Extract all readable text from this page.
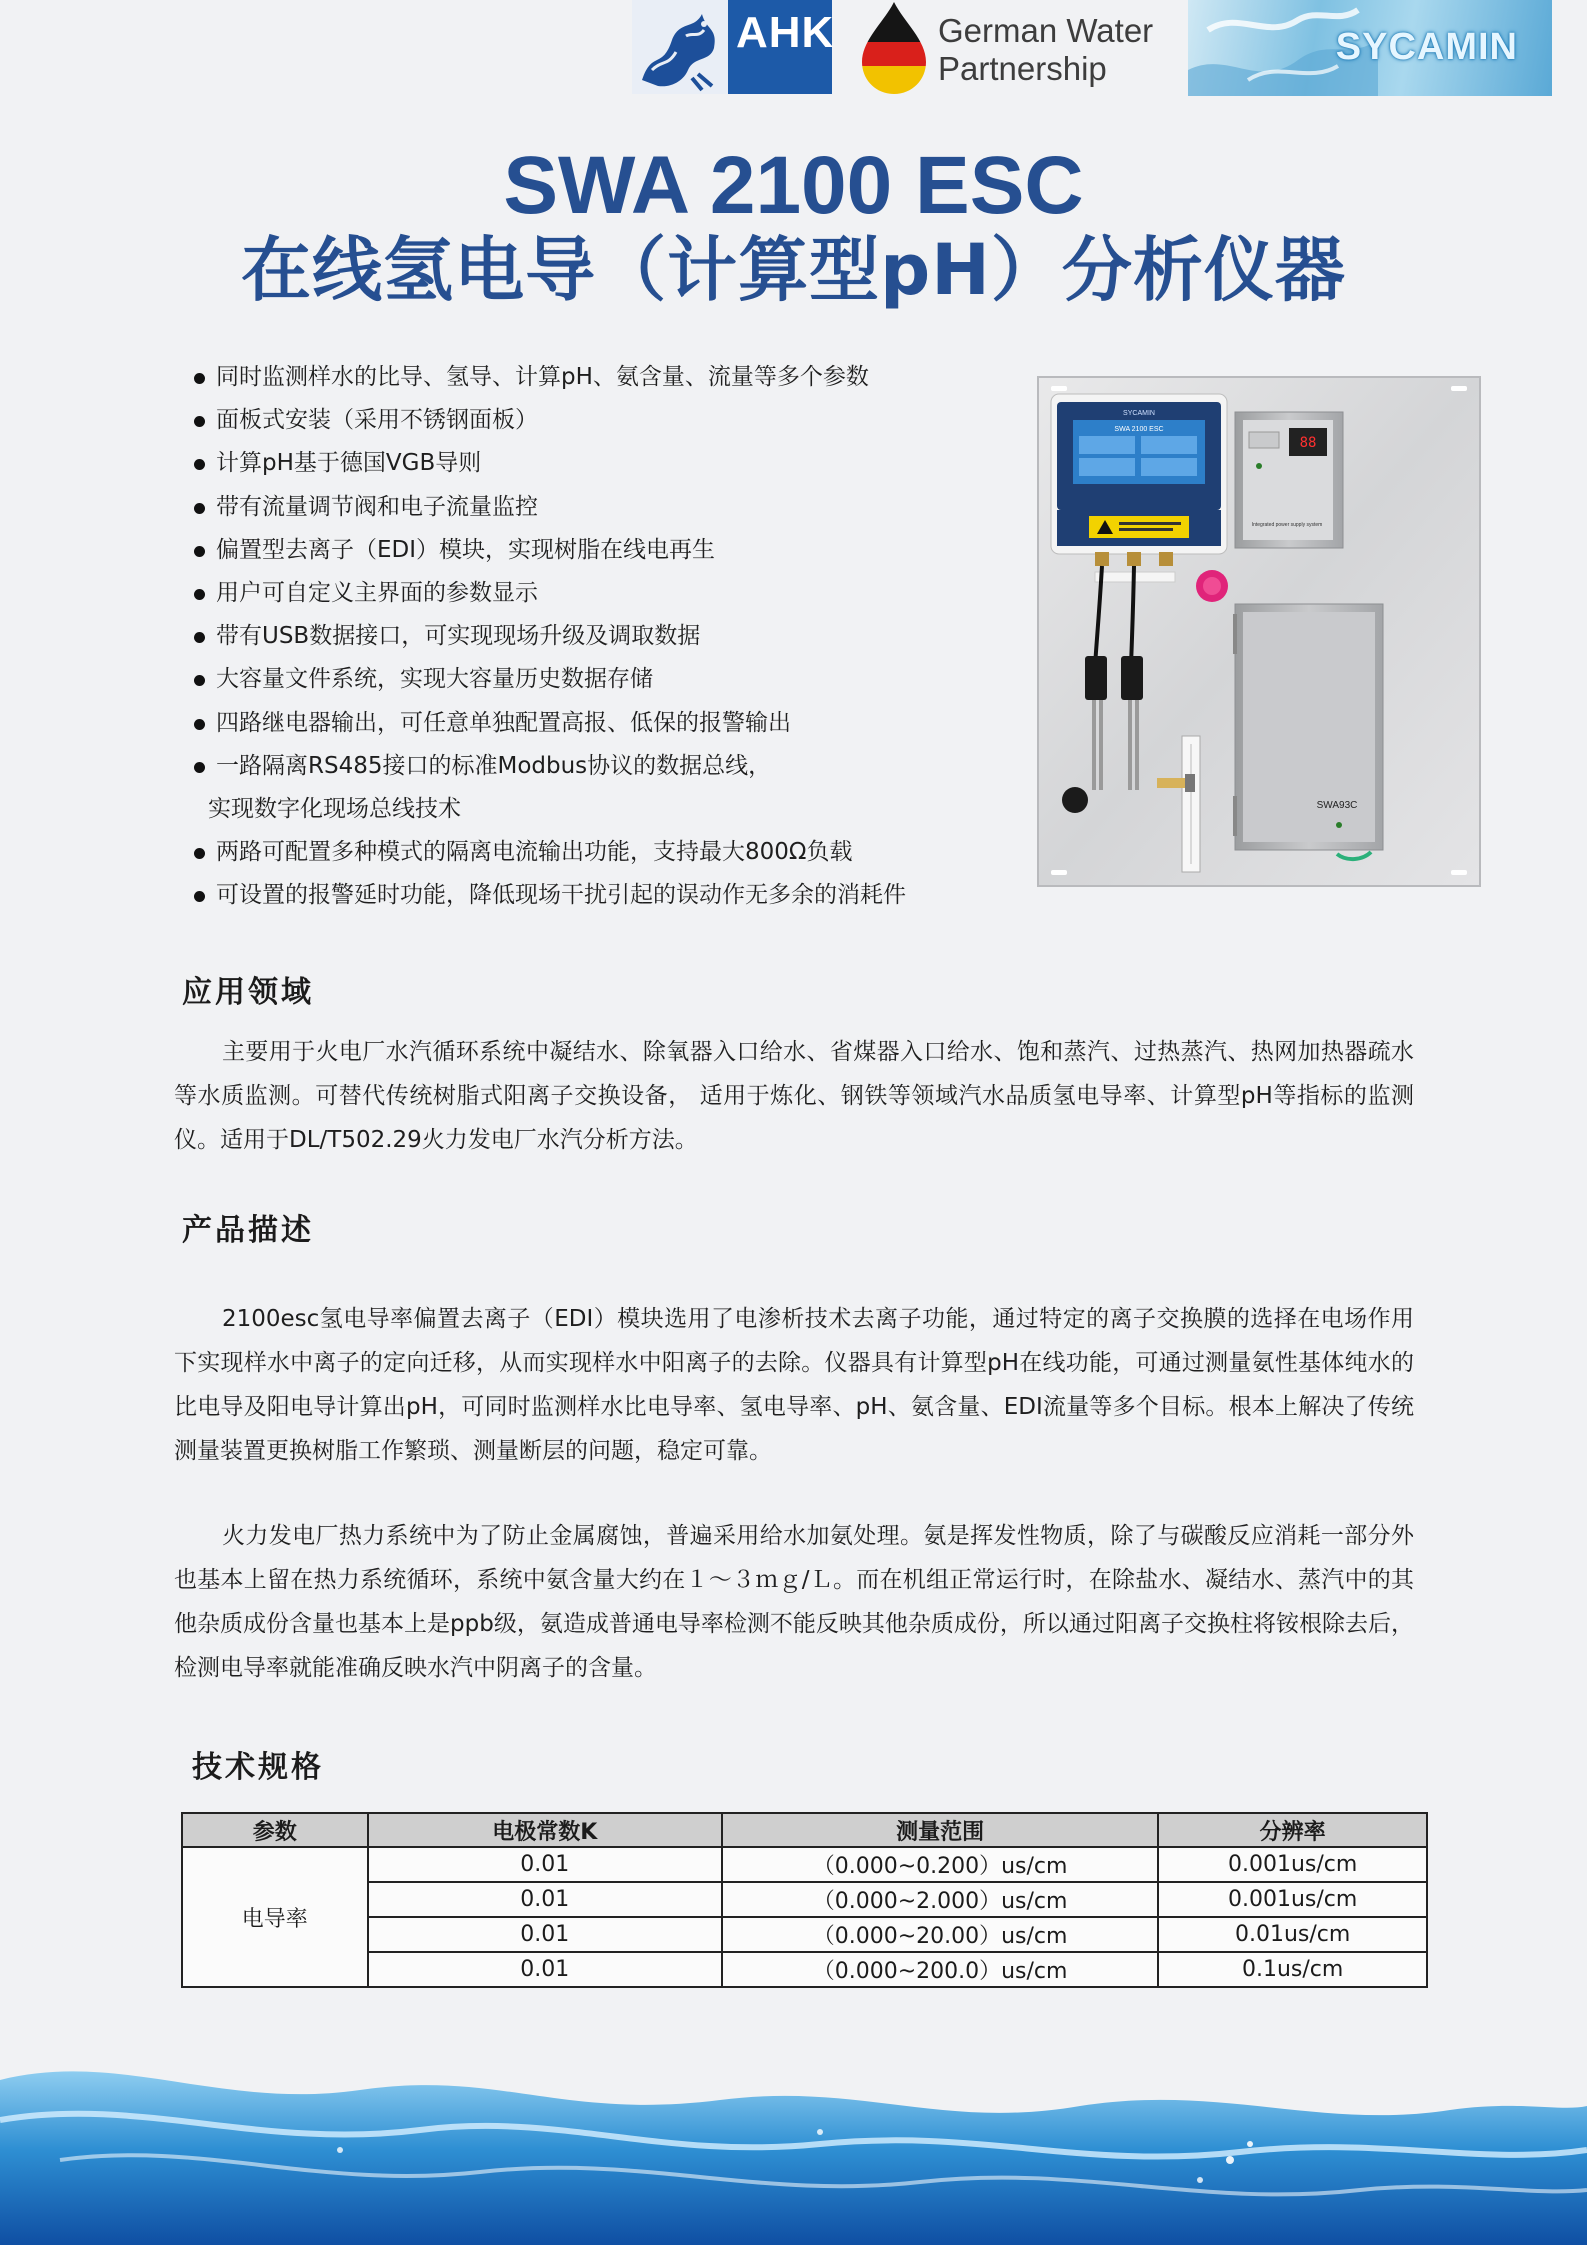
AHK	German Water
Partnership
SYCAMIN
SWA 2100 ESC
在线氢电导（计算型pH）分析仪器
同时监测样水的比导、氢导、计算pH、氨含量、流量等多个参数
面板式安装（采用不锈钢面板）
计算pH基于德国VGB导则
带有流量调节阀和电子流量监控
偏置型去离子（EDI）模块，实现树脂在线电再生
用户可自定义主界面的参数显示
带有USB数据接口，可实现现场升级及调取数据
大容量文件系统，实现大容量历史数据存储
四路继电器输出，可任意单独配置高报、低保的报警输出
一路隔离RS485接口的标准Modbus协议的数据总线，
实现数字化现场总线技术
两路可配置多种模式的隔离电流输出功能，支持最大800Ω负载
可设置的报警延时功能，降低现场干扰引起的误动作无多余的消耗件
SYCAMIN
SWA 2100 ESC
88
Integrated power supply system
SWA93C
应用领域

主要用于火电厂水汽循环系统中凝结水、除氧器入口给水、省煤器入口给水、饱和蒸汽、过热蒸汽、热网加热器疏水等水质监测。可替代传统树脂式阳离子交换设备， 适用于炼化、钢铁等领域汽水品质氢电导率、计算型pH等指标的监测仪。适用于DL/T502.29火力发电厂水汽分析方法。

产品描述

2100esc氢电导率偏置去离子（EDI）模块选用了电渗析技术去离子功能，通过特定的离子交换膜的选择在电场作用下实现样水中离子的定向迁移，从而实现样水中阳离子的去除。仪器具有计算型pH在线功能，可通过测量氨性基体纯水的比电导及阳电导计算出pH，可同时监测样水比电导率、氢电导率、pH、氨含量、EDI流量等多个目标。根本上解决了传统测量装置更换树脂工作繁琐、测量断层的问题，稳定可靠。

火力发电厂热力系统中为了防止金属腐蚀，普遍采用给水加氨处理。氨是挥发性物质，除了与碳酸反应消耗一部分外也基本上留在热力系统循环，系统中氨含量大约在１～３ｍｇ/Ｌ。而在机组正常运行时，在除盐水、凝结水、蒸汽中的其他杂质成份含量也基本上是ppb级，氨造成普通电导率检测不能反映其他杂质成份，所以通过阳离子交换柱将铵根除去后，检测电导率就能准确反映水汽中阴离子的含量。

技术规格
参数	电极常数K	测量范围	分辨率
电导率	0.01	（0.000~0.200）us/cm	0.001us/cm
	0.01	（0.000~2.000）us/cm	0.001us/cm
	0.01	（0.000~20.00）us/cm	0.01us/cm
	0.01	（0.000~200.0）us/cm	0.1us/cm
